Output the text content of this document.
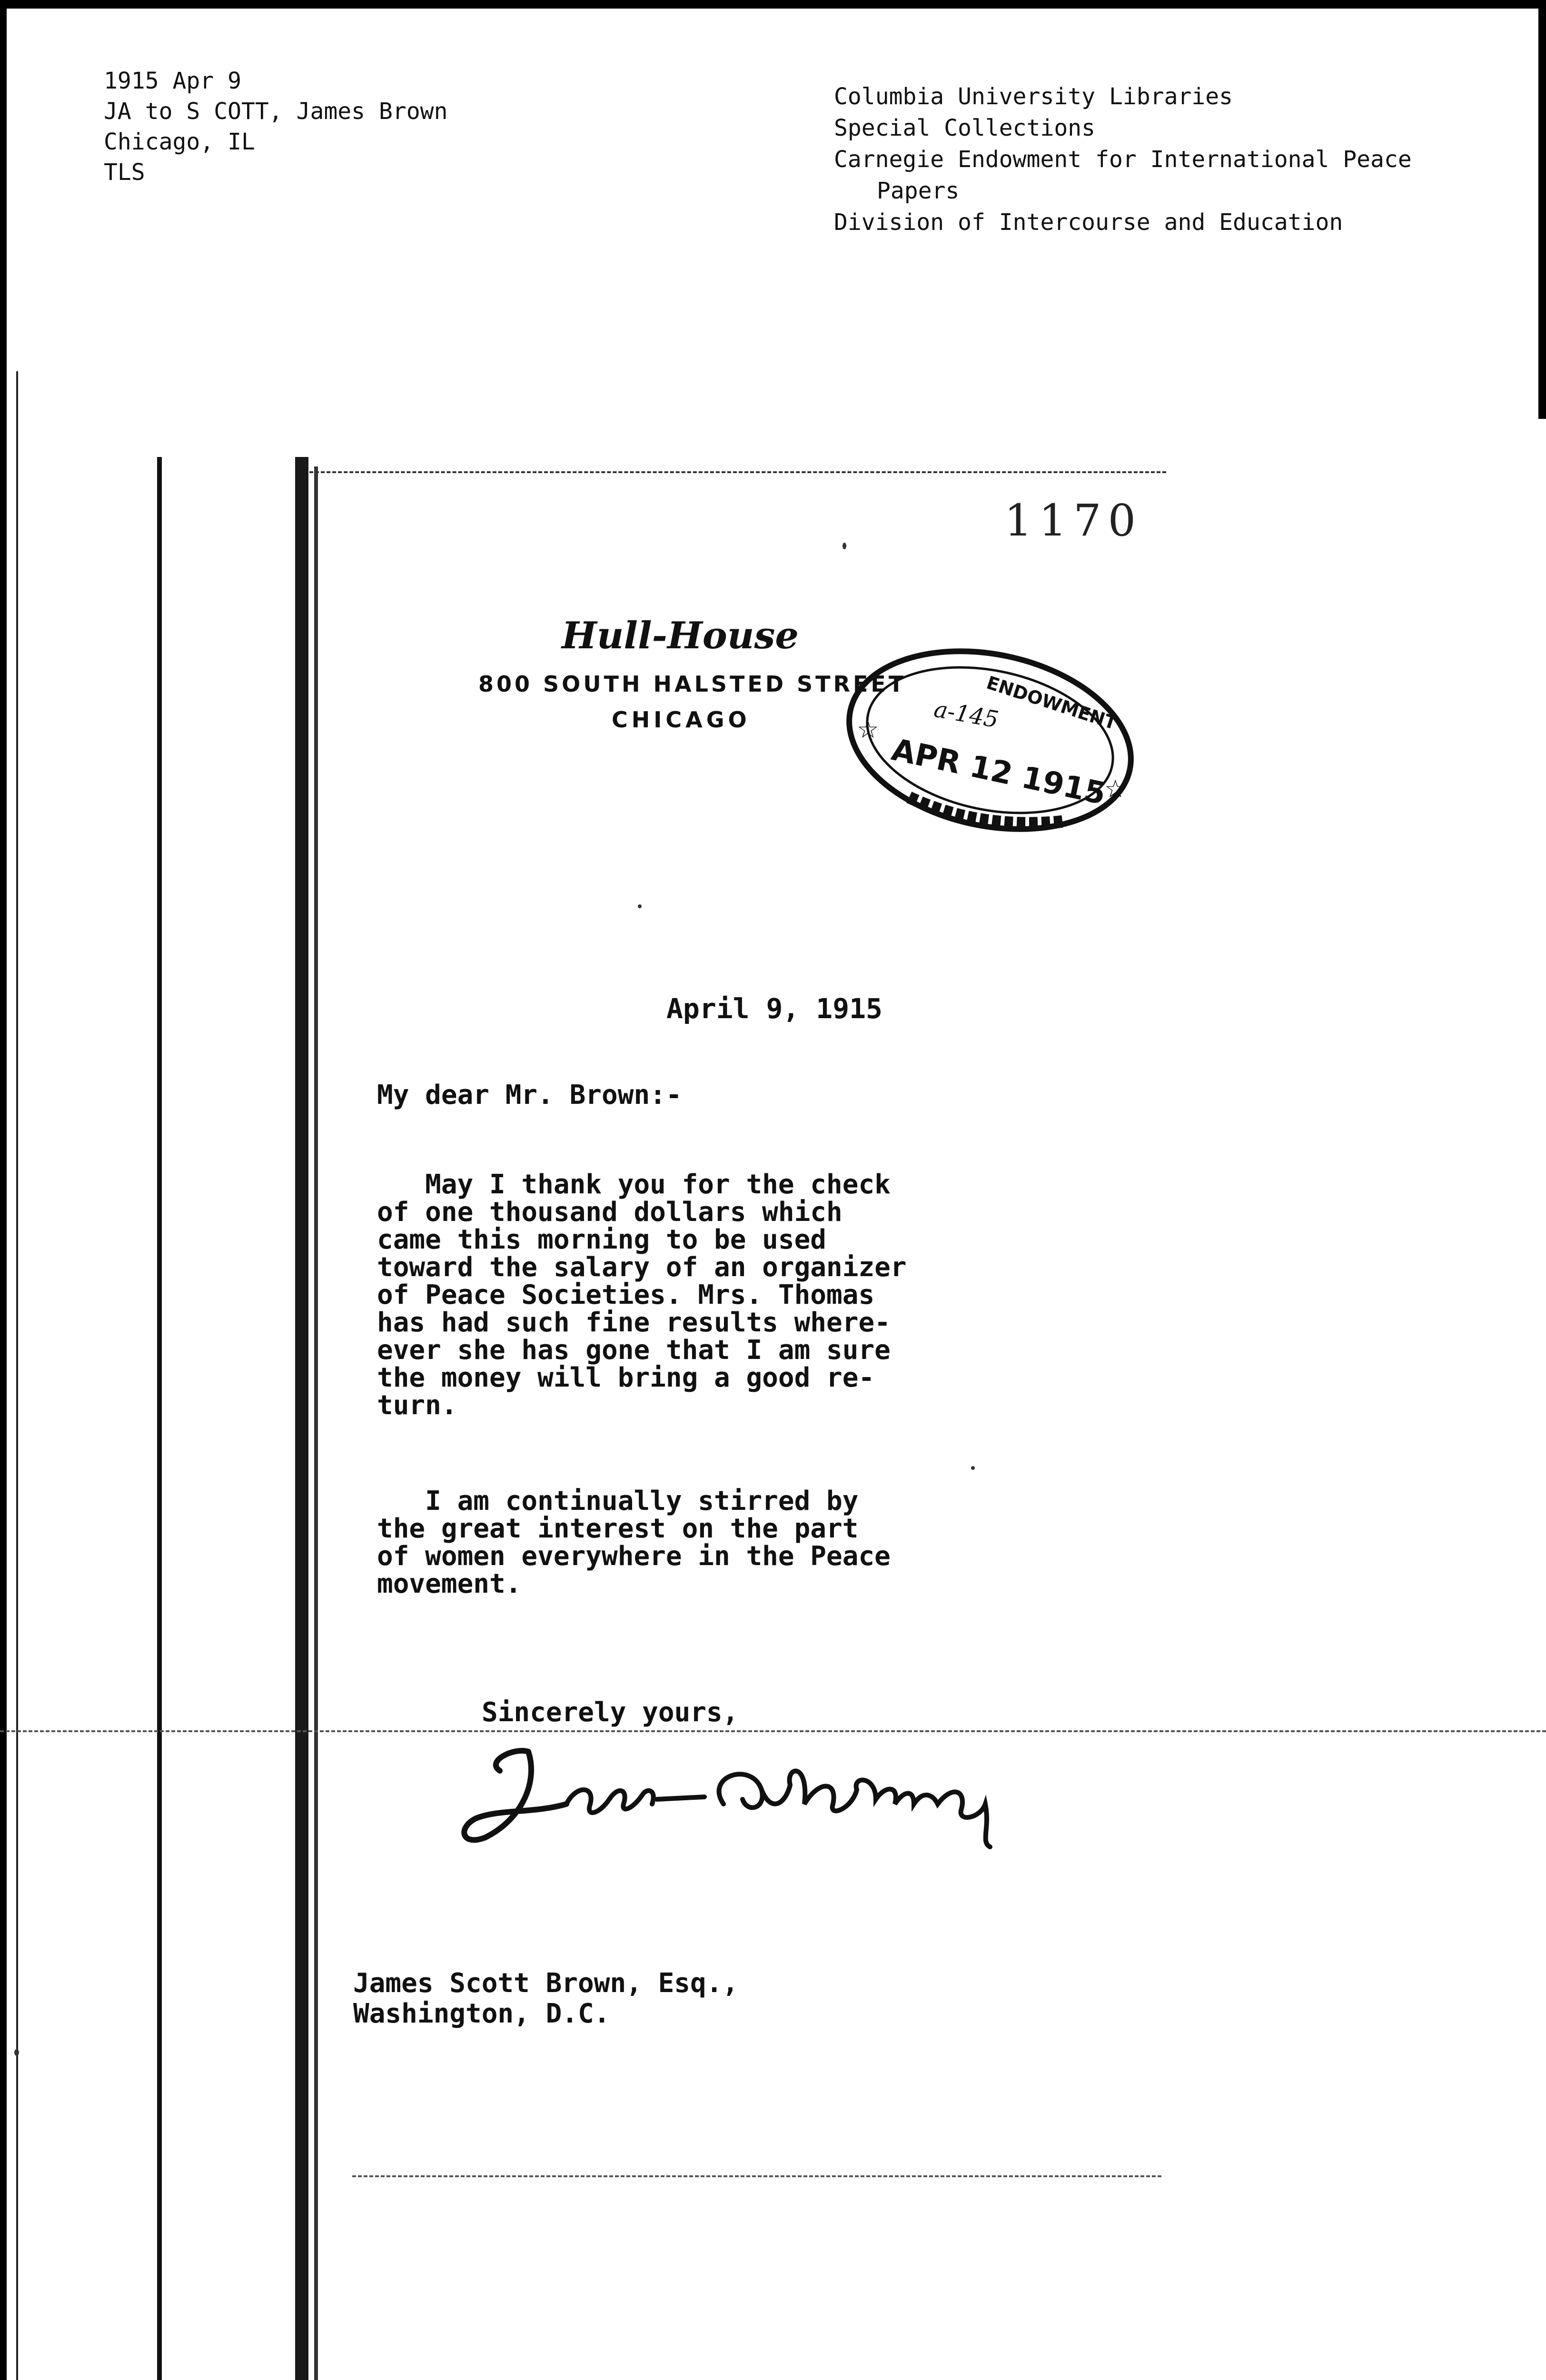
1915 Apr 9
JA to S COTT, James Brown
Chicago, IL
TLS
Columbia University Libraries
Special Collections
Carnegie Endowment for International Peace
Papers
Division of Intercourse and Education
1170
Hull-House
800 SOUTH HALSTED STREET
CHICAGO	ENDOWMENT
a-145
APR 12 1915
☆
☆
April 9, 1915
My dear Mr. Brown:-
May I thank you for the check
of one thousand dollars which
came this morning to be used
toward the salary of an organizer
of Peace Societies. Mrs. Thomas
has had such fine results where-
ever she has gone that I am sure
the money will bring a good re-
turn.
I am continually stirred by
the great interest on the part
of women everywhere in the Peace
movement.
Sincerely yours,
James Scott Brown, Esq.,
Washington, D.C.
